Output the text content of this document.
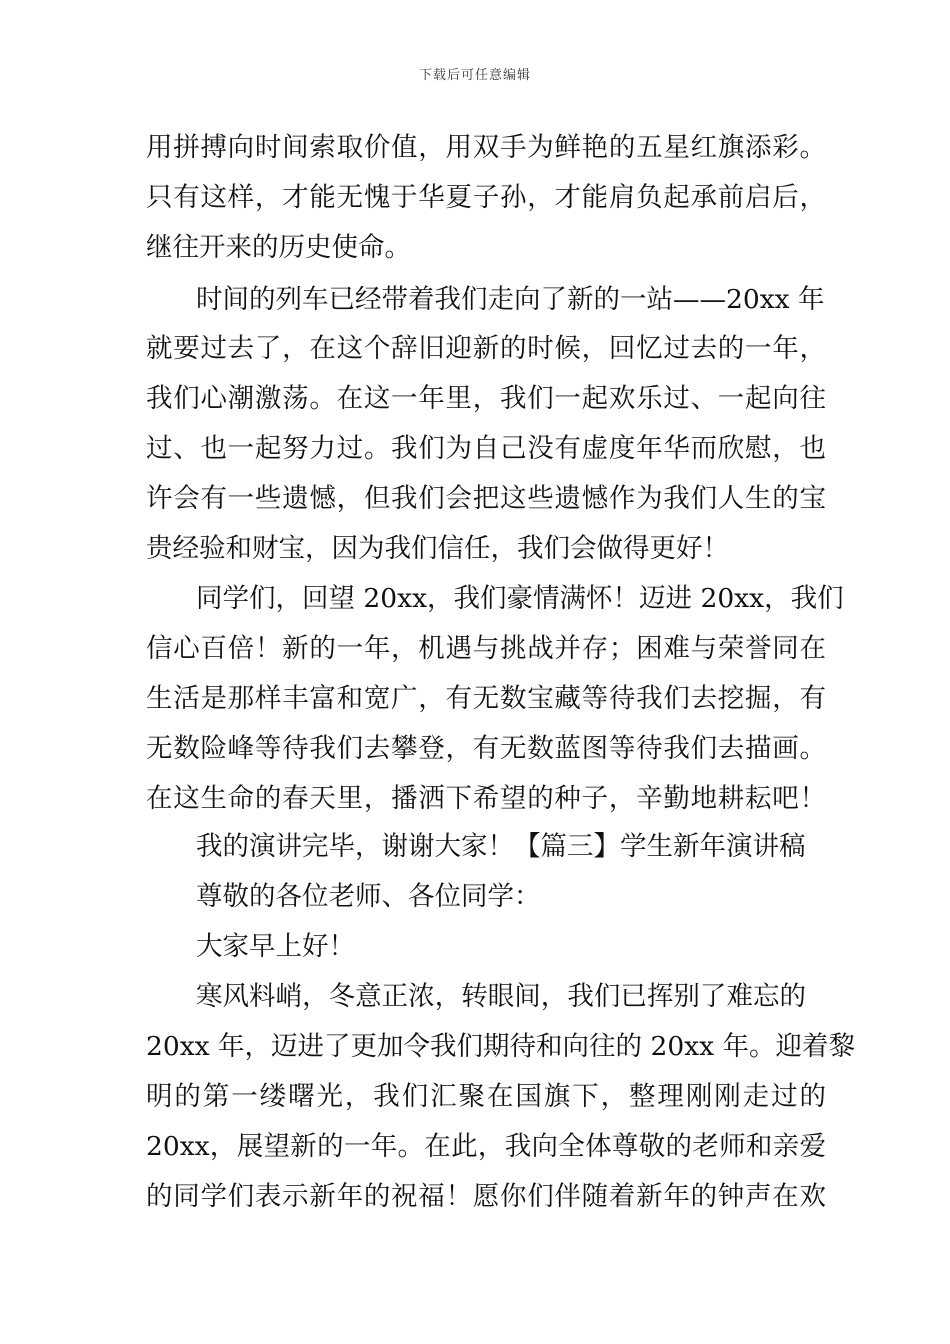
下载后可任意编辑
用拼搏向时间索取价值，用双手为鲜艳的五星红旗添彩。
只有这样，才能无愧于华夏子孙，才能肩负起承前启后，
继往开来的历史使命。
时间的列车已经带着我们走向了新的一站——20xx 年
就要过去了，在这个辞旧迎新的时候，回忆过去的一年，
我们心潮激荡。在这一年里，我们一起欢乐过、一起向往
过、也一起努力过。我们为自己没有虚度年华而欣慰，也
许会有一些遗憾，但我们会把这些遗憾作为我们人生的宝
贵经验和财宝，因为我们信任，我们会做得更好！
同学们，回望 20xx，我们豪情满怀！迈进 20xx，我们
信心百倍！新的一年，机遇与挑战并存；困难与荣誉同在
生活是那样丰富和宽广，有无数宝藏等待我们去挖掘，有
无数险峰等待我们去攀登，有无数蓝图等待我们去描画。
在这生命的春天里，播洒下希望的种子，辛勤地耕耘吧！
我的演讲完毕，谢谢大家！【篇三】学生新年演讲稿
尊敬的各位老师、各位同学：
大家早上好！
寒风料峭，冬意正浓，转眼间，我们已挥别了难忘的
20xx 年，迈进了更加令我们期待和向往的 20xx 年。迎着黎
明的第一缕曙光，我们汇聚在国旗下，整理刚刚走过的
20xx，展望新的一年。在此，我向全体尊敬的老师和亲爱
的同学们表示新年的祝福！愿你们伴随着新年的钟声在欢
